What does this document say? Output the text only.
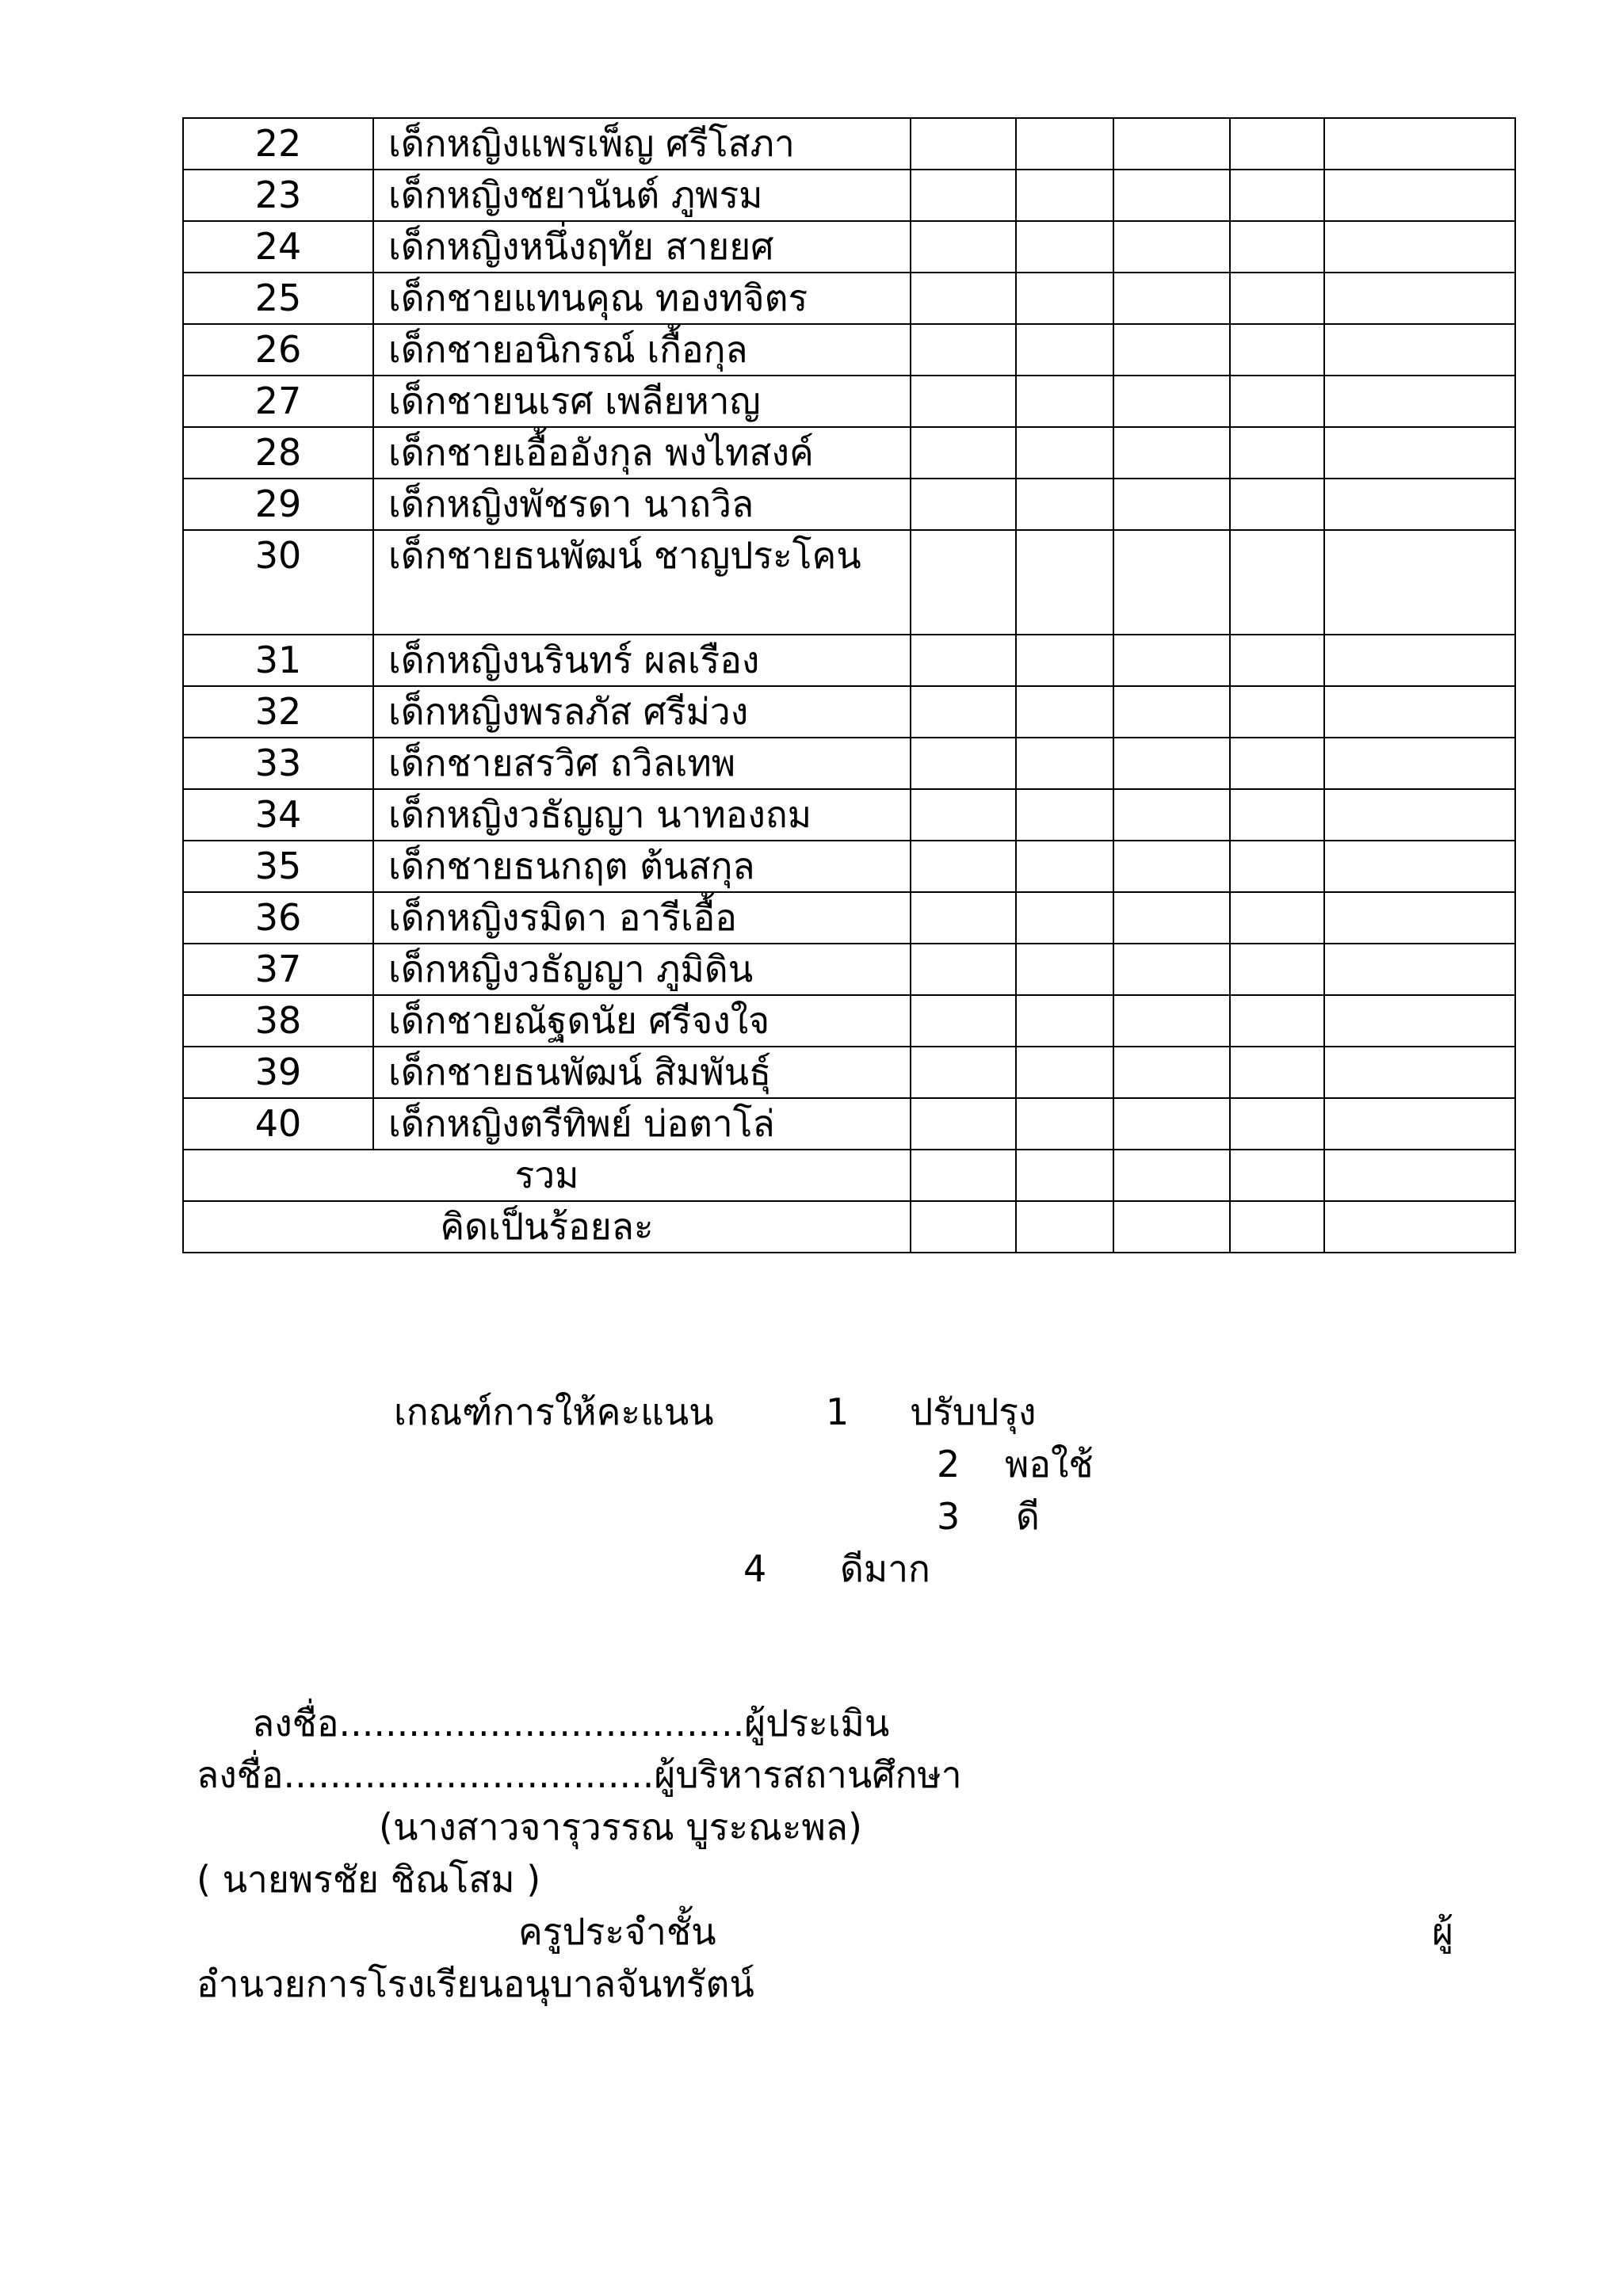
22	เด็กหญิงแพรเพ็ญ ศรีโสภา					
23	เด็กหญิงชยานันต์ ภูพรม					
24	เด็กหญิงหนึ่งฤทัย สายยศ					
25	เด็กชายแทนคุณ ทองทจิตร					
26	เด็กชายอนิกรณ์ เกื้อกุล					
27	เด็กชายนเรศ เพลียหาญ					
28	เด็กชายเอื้ออังกุล พงไทสงค์					
29	เด็กหญิงพัชรดา นาถวิล					
30	เด็กชายธนพัฒน์ ชาญประโคน					
31	เด็กหญิงนรินทร์ ผลเรือง					
32	เด็กหญิงพรลภัส ศรีม่วง					
33	เด็กชายสรวิศ ถวิลเทพ					
34	เด็กหญิงวธัญญา นาทองถม					
35	เด็กชายธนกฤต ต้นสกุล					
36	เด็กหญิงรมิดา อารีเอื้อ					
37	เด็กหญิงวธัญญา ภูมิดิน					
38	เด็กชายณัฐดนัย ศรีจงใจ					
39	เด็กชายธนพัฒน์ สิมพันธุ์					
40	เด็กหญิงตรีทิพย์ บ่อตาโล่					
รวม						
คิดเป็นร้อยละ						
เกณฑ์การให้คะแนน	1 ปรับปรุง
2 พอใช้
3 ดี
4 ดีมาก
ลงชื่อ...................................ผู้ประเมิน
ลงชื่อ................................ผู้บริหารสถานศึกษา
(นางสาวจารุวรรณ บูระณะพล)
( นายพรชัย ชิณโสม )
ครูประจำชั้น	ผู้
อำนวยการโรงเรียนอนุบาลจันทรัตน์
